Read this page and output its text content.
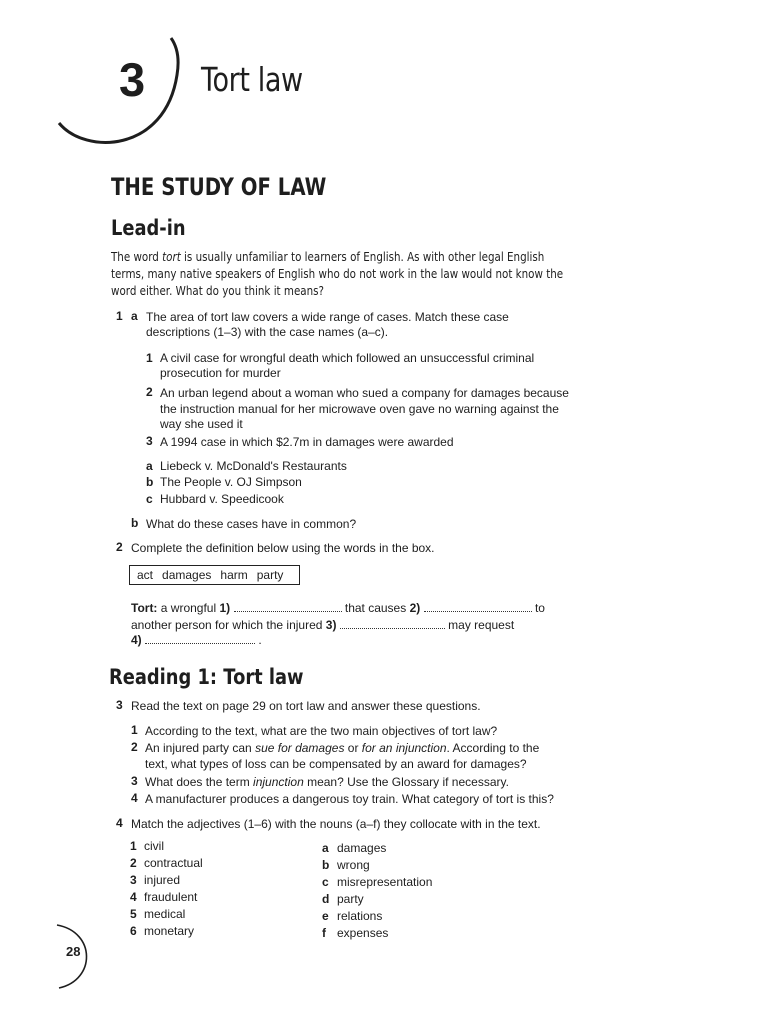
3 Tort law
THE STUDY OF LAW
Lead-in
The word tort is usually unfamiliar to learners of English. As with other legal English
terms, many native speakers of English who do not work in the law would not know the
word either. What do you think it means?
1 a The area of tort law covers a wide range of cases. Match these case
descriptions (1–3) with the case names (a–c).
1 A civil case for wrongful death which followed an unsuccessful criminal
prosecution for murder
2 An urban legend about a woman who sued a company for damages because
the instruction manual for her microwave oven gave no warning against the
way she used it
3 A 1994 case in which $2.7m in damages were awarded
a Liebeck v. McDonald's Restaurants
b The People v. OJ Simpson
c Hubbard v. Speedicook
b What do these cases have in common?
2 Complete the definition below using the words in the box.
act damages harm party
Tort: a wrongful 1)	that causes 2)	to
another person for which the injured 3)	may request
4)	.
Reading 1: Tort law
3 Read the text on page 29 on tort law and answer these questions.
1 According to the text, what are the two main objectives of tort law?
2 An injured party can sue for damages or for an injunction. According to the
text, what types of loss can be compensated by an award for damages?
3 What does the term injunction mean? Use the Glossary if necessary.
4 A manufacturer produces a dangerous toy train. What category of tort is this?
4 Match the adjectives (1–6) with the nouns (a–f) they collocate with in the text.
1 civil
2 contractual
3 injured
4 fraudulent
5 medical
6 monetary
a damages
b wrong
c misrepresentation
d party
e relations
f expenses
28
